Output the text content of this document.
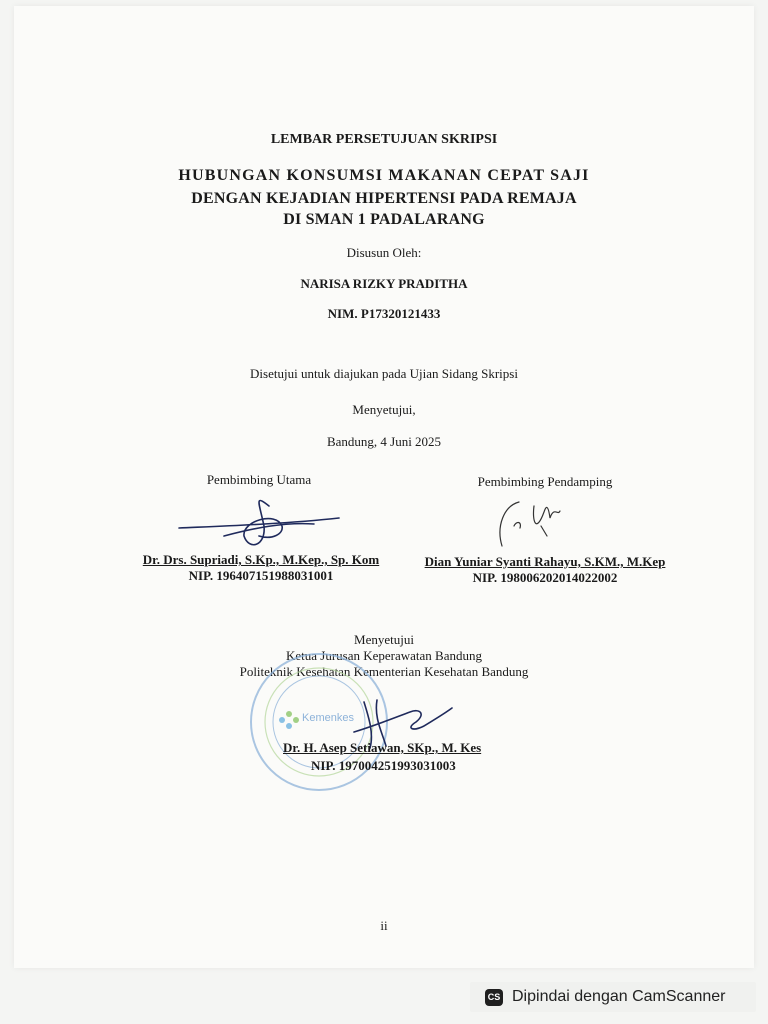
LEMBAR PERSETUJUAN SKRIPSI
HUBUNGAN KONSUMSI MAKANAN CEPAT SAJI
DENGAN KEJADIAN HIPERTENSI PADA REMAJA
DI SMAN 1 PADALARANG
Disusun Oleh:
NARISA RIZKY PRADITHA
NIM. P17320121433
Disetujui untuk diajukan pada Ujian Sidang Skripsi
Menyetujui,
Bandung, 4 Juni 2025
Pembimbing Utama
Dr. Drs. Supriadi, S.Kp., M.Kep., Sp. Kom
NIP. 196407151988031001
Pembimbing Pendamping
Dian Yuniar Syanti Rahayu, S.KM., M.Kep
NIP. 198006202014022002
Menyetujui
Ketua Jurusan Keperawatan Bandung
Politeknik Kesehatan Kementerian Kesehatan Bandung
Kemenkes
Dr. H. Asep Setiawan, SKp., M. Kes
NIP. 197004251993031003
ii
CS Dipindai dengan CamScanner
